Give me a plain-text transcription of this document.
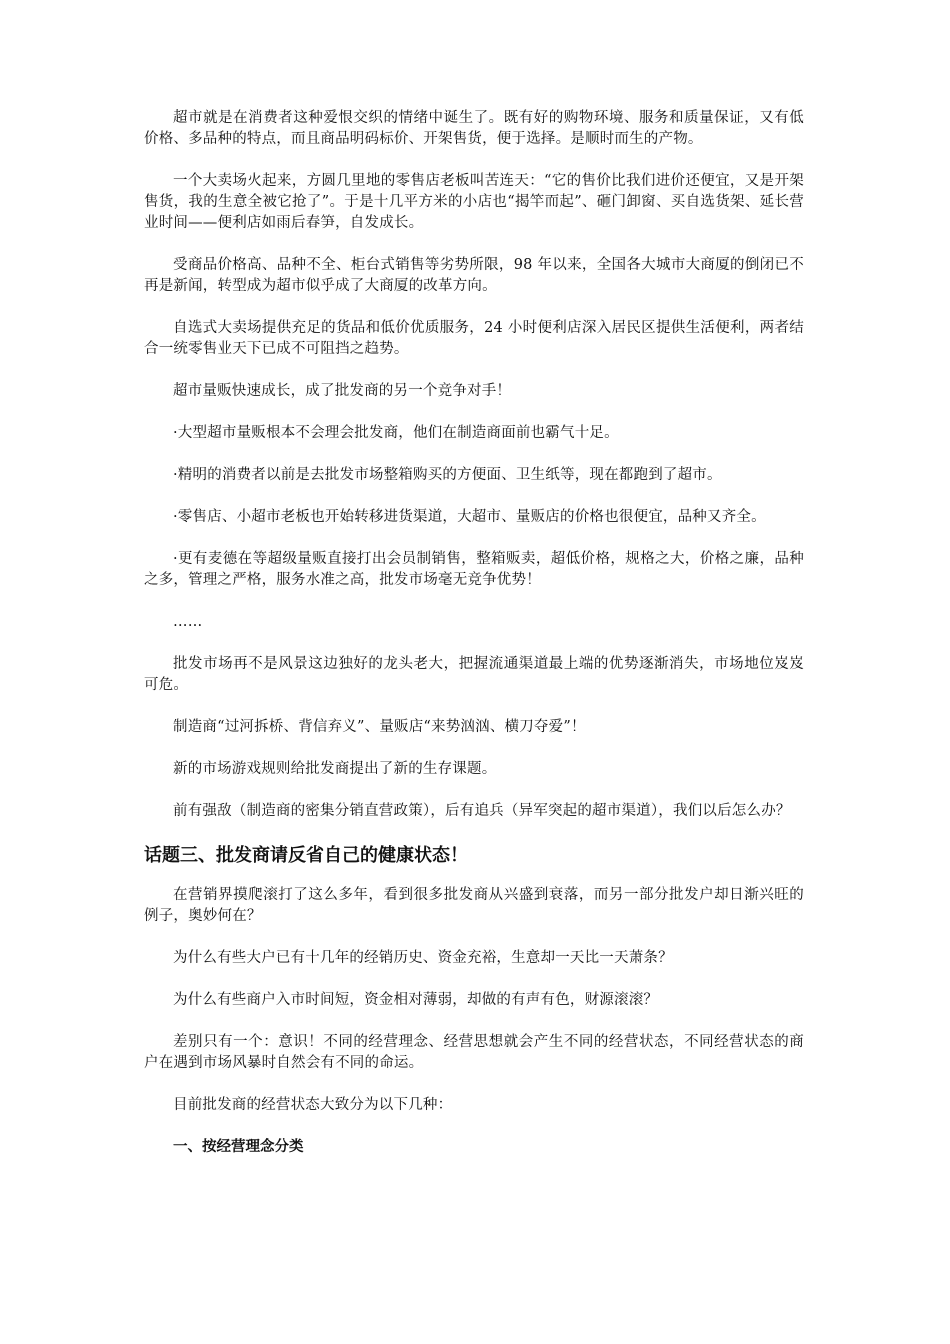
超市就是在消费者这种爱恨交织的情绪中诞生了。既有好的购物环境、服务和质量保证，又有低价格、多品种的特点，而且商品明码标价、开架售货，便于选择。是顺时而生的产物。

一个大卖场火起来，方圆几里地的零售店老板叫苦连天：“它的售价比我们进价还便宜，又是开架售货，我的生意全被它抢了”。于是十几平方米的小店也“揭竿而起”、砸门卸窗、买自选货架、延长营业时间——便利店如雨后春笋，自发成长。

受商品价格高、品种不全、柜台式销售等劣势所限，98 年以来，全国各大城市大商厦的倒闭已不再是新闻，转型成为超市似乎成了大商厦的改革方向。

自选式大卖场提供充足的货品和低价优质服务，24 小时便利店深入居民区提供生活便利，两者结合一统零售业天下已成不可阻挡之趋势。

超市量贩快速成长，成了批发商的另一个竞争对手！

·大型超市量贩根本不会理会批发商，他们在制造商面前也霸气十足。

·精明的消费者以前是去批发市场整箱购买的方便面、卫生纸等，现在都跑到了超市。

·零售店、小超市老板也开始转移进货渠道，大超市、量贩店的价格也很便宜，品种又齐全。

·更有麦德在等超级量贩直接打出会员制销售，整箱贩卖，超低价格，规格之大，价格之廉，品种之多，管理之严格，服务水准之高，批发市场毫无竞争优势！

……

批发市场再不是风景这边独好的龙头老大，把握流通渠道最上端的优势逐渐消失，市场地位岌岌可危。

制造商“过河拆桥、背信弃义”、量贩店“来势汹汹、横刀夺爱”！

新的市场游戏规则给批发商提出了新的生存课题。

前有强敌（制造商的密集分销直营政策），后有追兵（异军突起的超市渠道），我们以后怎么办？

话题三、批发商请反省自己的健康状态！

在营销界摸爬滚打了这么多年，看到很多批发商从兴盛到衰落，而另一部分批发户却日渐兴旺的例子，奥妙何在？

为什么有些大户已有十几年的经销历史、资金充裕，生意却一天比一天萧条？

为什么有些商户入市时间短，资金相对薄弱，却做的有声有色，财源滚滚？

差别只有一个：意识！不同的经营理念、经营思想就会产生不同的经营状态，不同经营状态的商户在遇到市场风暴时自然会有不同的命运。

目前批发商的经营状态大致分为以下几种：

一、按经营理念分类
